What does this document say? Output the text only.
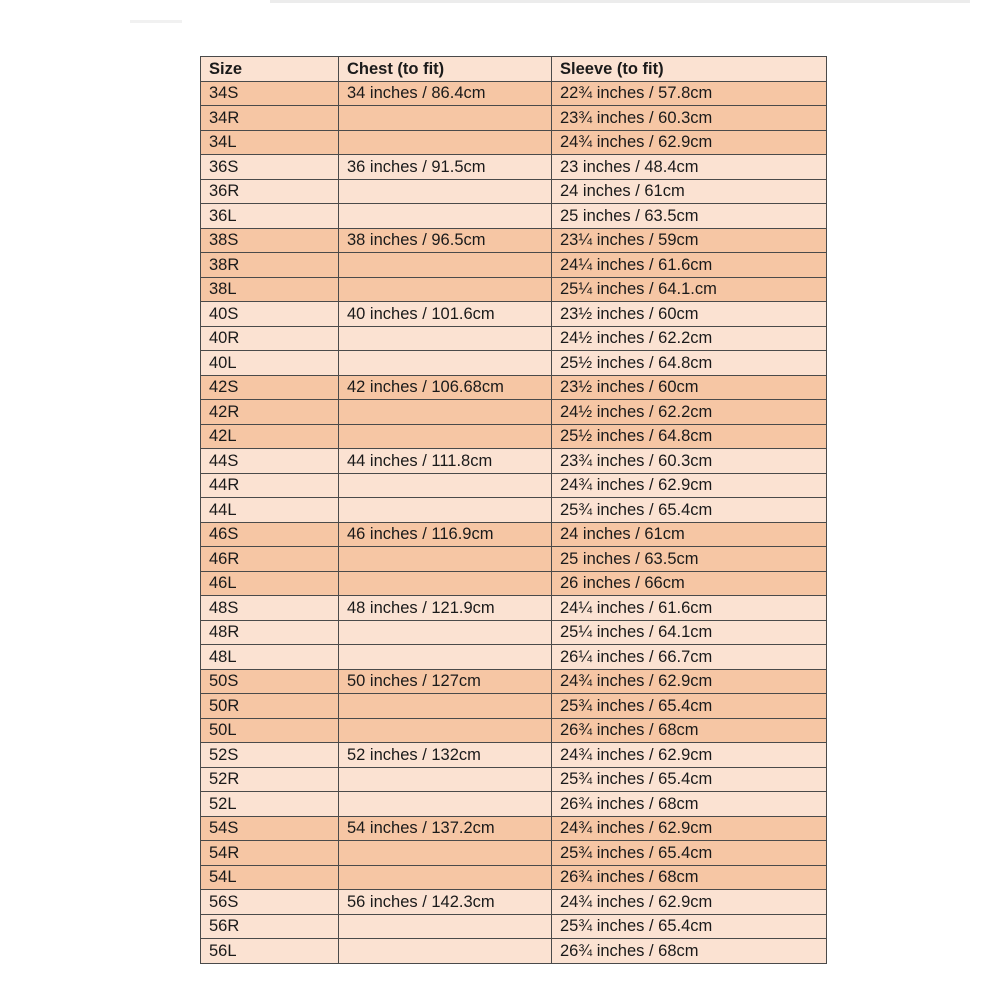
Size	Chest (to fit)	Sleeve (to fit)
34S	34 inches / 86.4cm	22¾ inches / 57.8cm
34R		23¾ inches / 60.3cm
34L		24¾ inches / 62.9cm
36S	36 inches / 91.5cm	23 inches / 48.4cm
36R		24 inches / 61cm
36L		25 inches / 63.5cm
38S	38 inches / 96.5cm	23¼ inches / 59cm
38R		24¼ inches / 61.6cm
38L		25¼ inches / 64.1.cm
40S	40 inches / 101.6cm	23½ inches / 60cm
40R		24½ inches / 62.2cm
40L		25½ inches / 64.8cm
42S	42 inches / 106.68cm	23½ inches / 60cm
42R		24½ inches / 62.2cm
42L		25½ inches / 64.8cm
44S	44 inches / 111.8cm	23¾ inches / 60.3cm
44R		24¾ inches / 62.9cm
44L		25¾ inches / 65.4cm
46S	46 inches / 116.9cm	24 inches / 61cm
46R		25 inches / 63.5cm
46L		26 inches / 66cm
48S	48 inches / 121.9cm	24¼ inches / 61.6cm
48R		25¼ inches / 64.1cm
48L		26¼ inches / 66.7cm
50S	50 inches / 127cm	24¾ inches / 62.9cm
50R		25¾ inches / 65.4cm
50L		26¾ inches / 68cm
52S	52 inches / 132cm	24¾ inches / 62.9cm
52R		25¾ inches / 65.4cm
52L		26¾ inches / 68cm
54S	54 inches / 137.2cm	24¾ inches / 62.9cm
54R		25¾ inches / 65.4cm
54L		26¾ inches / 68cm
56S	56 inches / 142.3cm	24¾ inches / 62.9cm
56R		25¾ inches / 65.4cm
56L		26¾ inches / 68cm
